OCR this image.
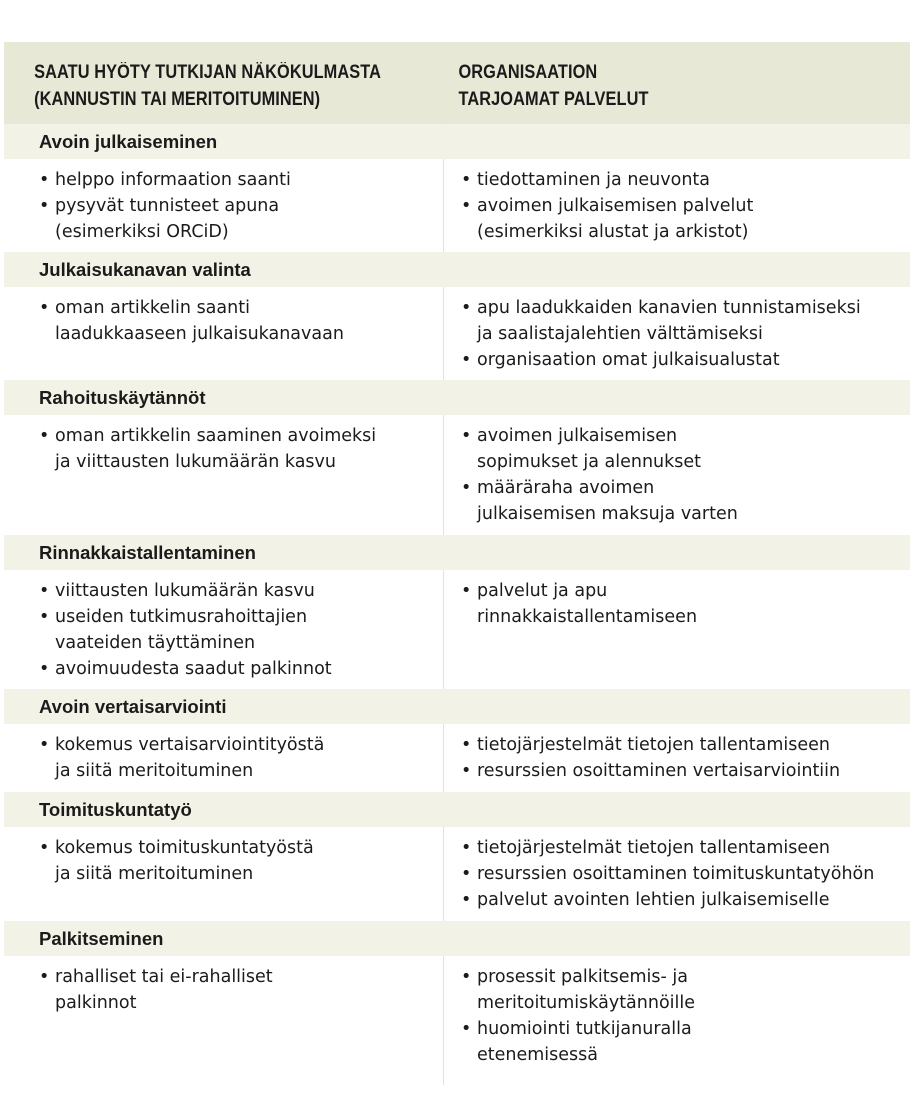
SAATU HYÖTY TUTKIJAN NÄKÖKULMASTA
(KANNUSTIN TAI MERITOITUMINEN)
ORGANISAATION
TARJOAMAT PALVELUT
Avoin julkaiseminen
• helppo informaation saanti
• pysyvät tunnisteet apuna
(esimerkiksi ORCiD)
• tiedottaminen ja neuvonta
• avoimen julkaisemisen palvelut
(esimerkiksi alustat ja arkistot)
Julkaisukanavan valinta
• oman artikkelin saanti
laadukkaaseen julkaisukanavaan
• apu laadukkaiden kanavien tunnistamiseksi
ja saalistajalehtien välttämiseksi
• organisaation omat julkaisualustat
Rahoituskäytännöt
• oman artikkelin saaminen avoimeksi
ja viittausten lukumäärän kasvu
• avoimen julkaisemisen
sopimukset ja alennukset
• määräraha avoimen
julkaisemisen maksuja varten
Rinnakkaistallentaminen
• viittausten lukumäärän kasvu
• useiden tutkimusrahoittajien
vaateiden täyttäminen
• avoimuudesta saadut palkinnot
• palvelut ja apu
rinnakkaistallentamiseen
Avoin vertaisarviointi
• kokemus vertaisarviointityöstä
ja siitä meritoituminen
• tietojärjestelmät tietojen tallentamiseen
• resurssien osoittaminen vertaisarviointiin
Toimituskuntatyö
• kokemus toimituskuntatyöstä
ja siitä meritoituminen
• tietojärjestelmät tietojen tallentamiseen
• resurssien osoittaminen toimituskuntatyöhön
• palvelut avointen lehtien julkaisemiselle
Palkitseminen
• rahalliset tai ei-rahalliset
palkinnot
• prosessit palkitsemis- ja
meritoitumiskäytännöille
• huomiointi tutkijanuralla
etenemisessä
